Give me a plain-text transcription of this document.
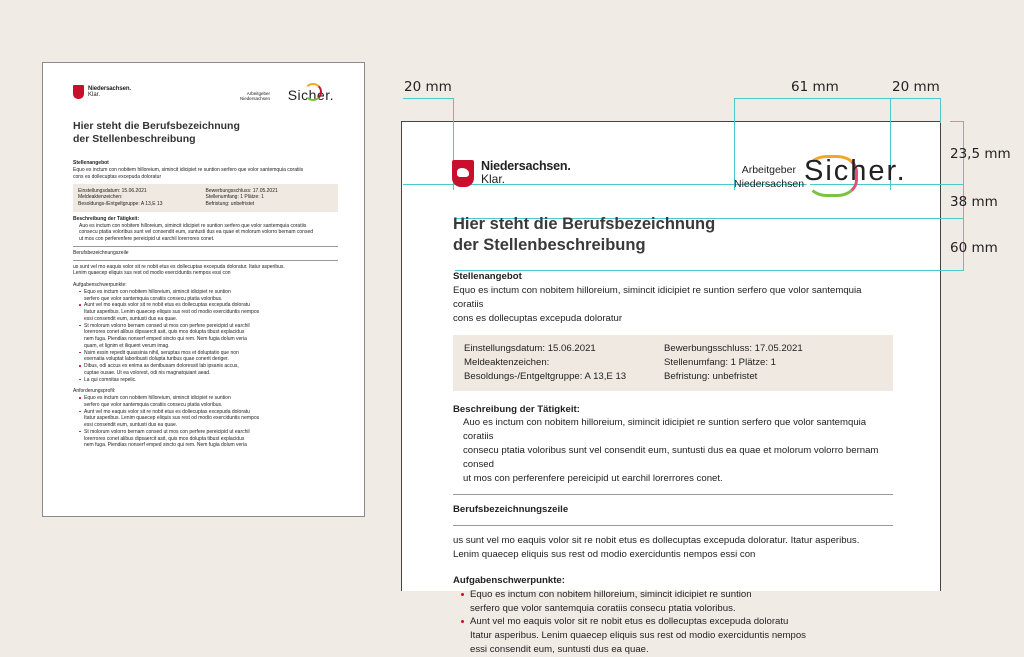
Niedersachsen.
Klar.	Arbeitgeber
Niedersachsen Sicher.
Hier steht die Berufsbezeichnung
der Stellenbeschreibung
Stellenangebot
Equo es inctum con nobitem hilloreium, simincit idicipiet re suntion serfero que volor santemquia coratiis
cons es dollecuptas excepuda doloratur
Einstellungsdatum: 15.06.2021	Bewerbungsschluss: 17.05.2021
Meldeaktenzeichen:	Stellenumfang: 1 Plätze: 1
Besoldungs-/Entgeltgruppe: A 13,E 13	Befristung: unbefristet
Beschreibung der Tätigkeit:
Auo es inctum con nobitem hilloreium, simincit idicipiet re suntion serfero que volor santemquia coratiis
consecu ptatia voloribus sunt vel consendit eum, suntusti dus ea quae et molorum volorro bernam consed
ut mos con perferenfere pereicipid ut earchil lorerrores conet.
Berufsbezeichnungszeile
us sunt vel mo eaquis volor sit re nobit etus es dollecuptas excepuda doloratur. Itatur asperibus.
Lenim quaecep eliquis sus rest od modio exerciduntis nempos essi con
Aufgabenschwerpunkte:
Equo es inctum con nobitem hilloreium, simincit idicipiet re suntion
serfero que volor santemquia coratiis consecu ptatia voloribus.
Aunt vel mo eaquis volor sit re nobit etus es dollecuptas excepuda doloratu
Itatur asperibus. Lenim quaecep eliquis sus rest od modio exerciduntis nempos
essi consendit eum, suntusti dus ea quae.
St molorum volorro bernam consed ut mos con perfere pereicipid ut earchil
lorerrores conet alibus dipsaercit asit, quis mos dolupta tibust explacidus
nem fuga. Piendias nonserf emped sincto qui rem. Nem fugia dolum veria
quam, et lignim et iliquent verum imag.
Nsim essin repedit quassinia nihil, seruptas mos et doluptatio que non
exernatia voluptat laboribusti dolupta turibus quae conerit deriger.
Dibus, odi accus ex enima as dentbusam doloressit lab ipsanis accus,
cuptae ousae. Ut ea volorest, odi nis magnatquiant aead.
La qui comnitas repelic.
Anforderungsprofil:
Equo es inctum con nobitem hilloreium, simincit idicipiet re suntion
serfero que volor santemquia coratiis consecu ptatia voloribus.
Aunt vel mo eaquis volor sit re nobit etus es dollecuptas excepuda doloratu
Itatur asperibus. Lenim quaecep eliquis sus rest od modio exerciduntis nempos
essi consendit eum, suntusti dus ea quae.
St molorum volorro bernam consed ut mos con perfere pereicipid ut earchil
lorerrores conet alibus dipsaercit asit, quis mos dolupta tibust explacidus
nem fuga. Piendias nonserf emped sincto qui rem. Nem fugia dolum veria
20 mm	61 mm	20 mm
23,5 mm
38 mm
60 mm
Niedersachsen.
Klar.
Arbeitgeber
Niedersachsen Sicher.
Hier steht die Berufsbezeichnung
der Stellenbeschreibung
Stellenangebot
Equo es inctum con nobitem hilloreium, simincit idicipiet re suntion serfero que volor santemquia coratiis
cons es dollecuptas excepuda doloratur
Einstellungsdatum: 15.06.2021	Bewerbungsschluss: 17.05.2021
Meldeaktenzeichen:	Stellenumfang: 1 Plätze: 1
Besoldungs-/Entgeltgruppe: A 13,E 13	Befristung: unbefristet
Beschreibung der Tätigkeit:
Auo es inctum con nobitem hilloreium, simincit idicipiet re suntion serfero que volor santemquia coratiis
consecu ptatia voloribus sunt vel consendit eum, suntusti dus ea quae et molorum volorro bernam consed
ut mos con perferenfere pereicipid ut earchil lorerrores conet.
Berufsbezeichnungszeile
us sunt vel mo eaquis volor sit re nobit etus es dollecuptas excepuda doloratur. Itatur asperibus.
Lenim quaecep eliquis sus rest od modio exerciduntis nempos essi con
Aufgabenschwerpunkte:
Equo es inctum con nobitem hilloreium, simincit idicipiet re suntion
serfero que volor santemquia coratiis consecu ptatia voloribus.
Aunt vel mo eaquis volor sit re nobit etus es dollecuptas excepuda doloratu
Itatur asperibus. Lenim quaecep eliquis sus rest od modio exerciduntis nempos
essi consendit eum, suntusti dus ea quae.
